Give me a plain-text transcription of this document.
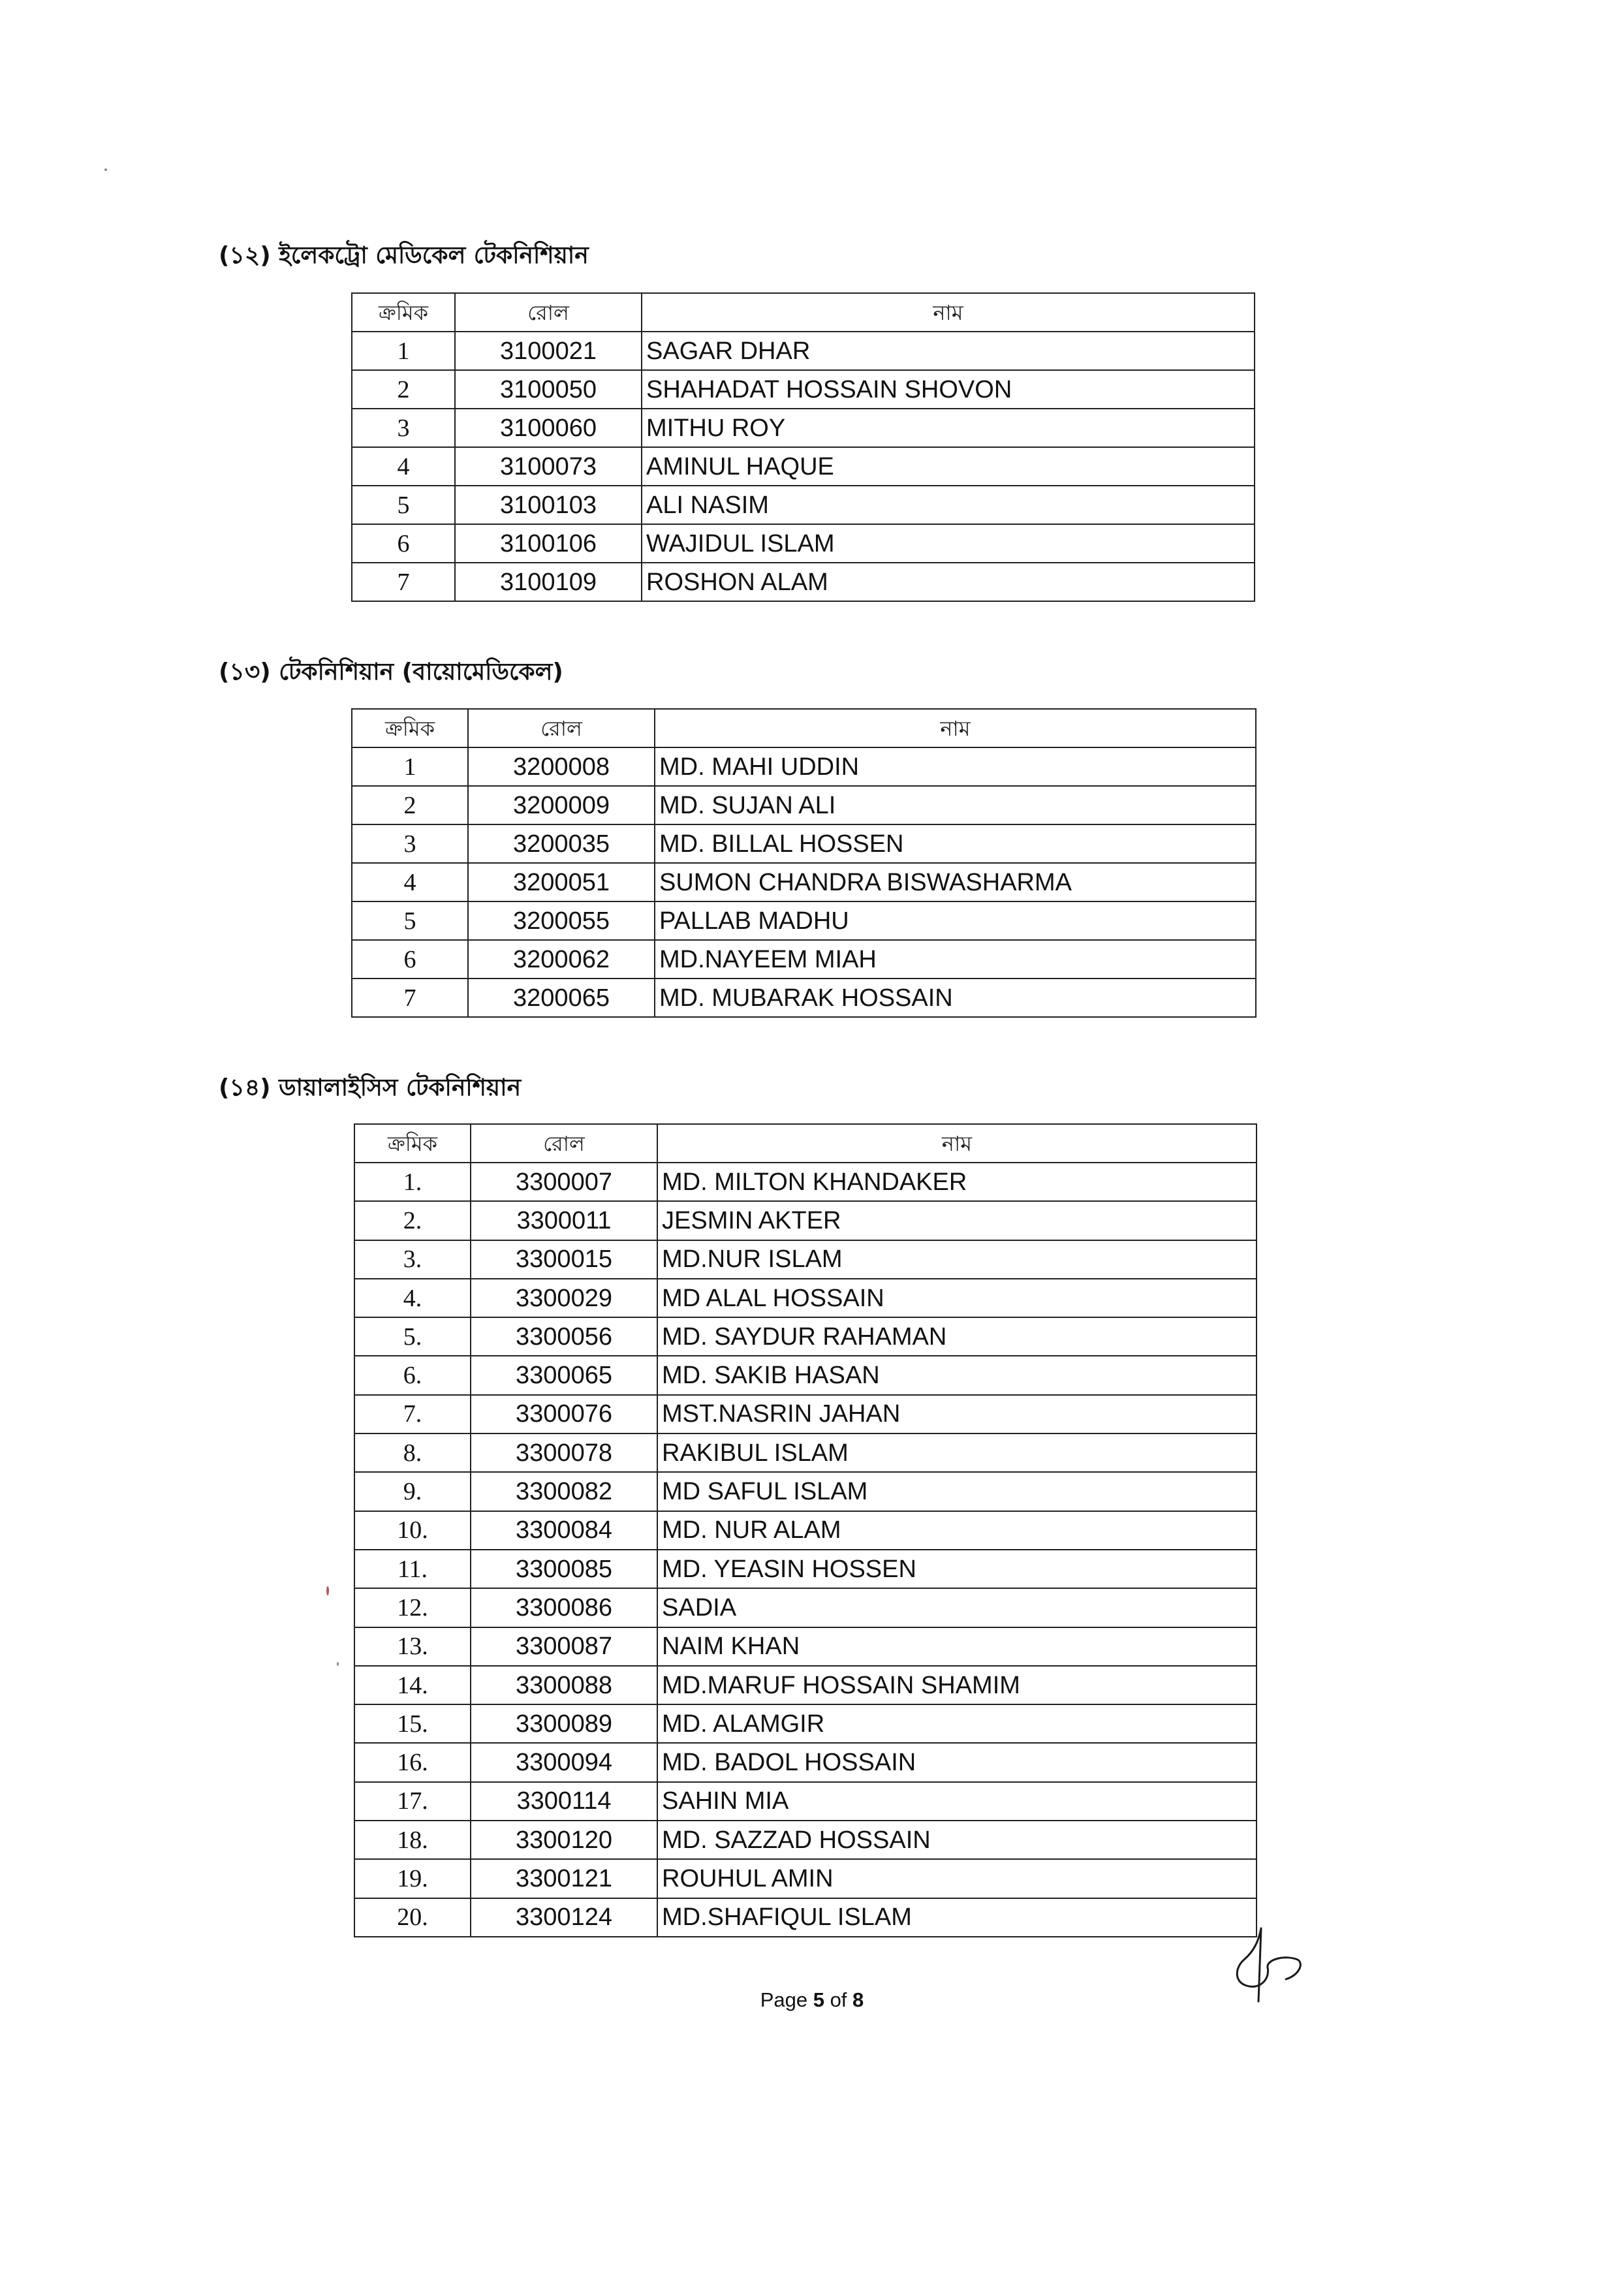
(১২) ইলেকট্রো মেডিকেল টেকনিশিয়ান
ক্রমিক	রোল	নাম
1	3100021	SAGAR DHAR
2	3100050	SHAHADAT HOSSAIN SHOVON
3	3100060	MITHU ROY
4	3100073	AMINUL HAQUE
5	3100103	ALI NASIM
6	3100106	WAJIDUL ISLAM
7	3100109	ROSHON ALAM
(১৩) টেকনিশিয়ান (বায়োমেডিকেল)
ক্রমিক	রোল	নাম
1	3200008	MD. MAHI UDDIN
2	3200009	MD. SUJAN ALI
3	3200035	MD. BILLAL HOSSEN
4	3200051	SUMON CHANDRA BISWASHARMA
5	3200055	PALLAB MADHU
6	3200062	MD.NAYEEM MIAH
7	3200065	MD. MUBARAK HOSSAIN
(১৪) ডায়ালাইসিস টেকনিশিয়ান
ক্রমিক	রোল	নাম
1.	3300007	MD. MILTON KHANDAKER
2.	3300011	JESMIN AKTER
3.	3300015	MD.NUR ISLAM
4.	3300029	MD ALAL HOSSAIN
5.	3300056	MD. SAYDUR RAHAMAN
6.	3300065	MD. SAKIB HASAN
7.	3300076	MST.NASRIN JAHAN
8.	3300078	RAKIBUL ISLAM
9.	3300082	MD SAFUL ISLAM
10.	3300084	MD. NUR ALAM
11.	3300085	MD. YEASIN HOSSEN
12.	3300086	SADIA
13.	3300087	NAIM KHAN
14.	3300088	MD.MARUF HOSSAIN SHAMIM
15.	3300089	MD. ALAMGIR
16.	3300094	MD. BADOL HOSSAIN
17.	3300114	SAHIN MIA
18.	3300120	MD. SAZZAD HOSSAIN
19.	3300121	ROUHUL AMIN
20.	3300124	MD.SHAFIQUL ISLAM
Page 5 of 8
